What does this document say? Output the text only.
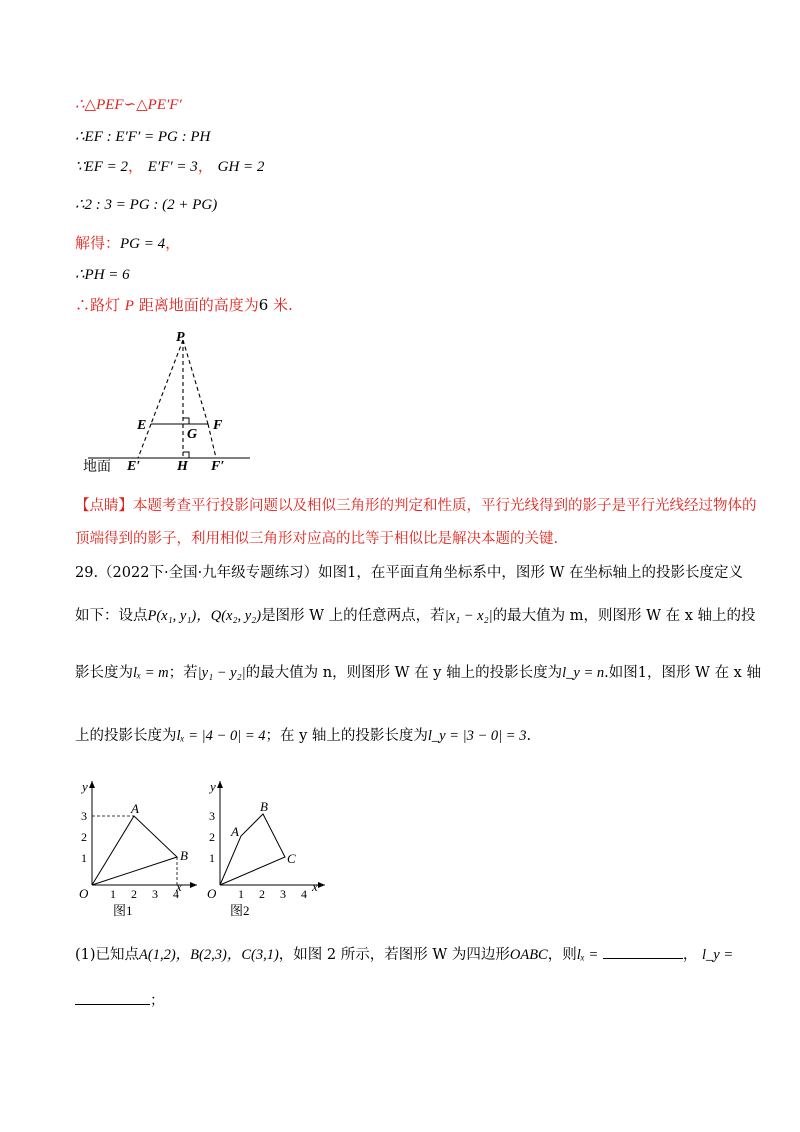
∴△PEF∽△PE′F′
∴EF : E′F′ = PG : PH
∵EF = 2， E′F′ = 3， GH = 2
∴2 : 3 = PG : (2 + PG)
解得：PG = 4，
∴PH = 6
∴路灯 P 距离地面的高度为6 米.
P
E	F
G
E′	H F′
地面
【点睛】本题考查平行投影问题以及相似三角形的判定和性质，平行光线得到的影子是平行光线经过物体的
顶端得到的影子，利用相似三角形对应高的比等于相似比是解决本题的关键.
29.（2022下·全国·九年级专题练习）如图1，在平面直角坐标系中，图形 W 在坐标轴上的投影长度定义
如下：设点P(x₁, y₁)，Q(x₂, y₂)是图形 W 上的任意两点，若|x₁ − x₂|的最大值为 m，则图形 W 在 x 轴上的投
影长度为lₓ = m；若|y₁ − y₂|的最大值为 n，则图形 W 在 y 轴上的投影长度为l_y = n.如图1，图形 W 在 x 轴
上的投影长度为lₓ = |4 − 0| = 4；在 y 轴上的投影长度为l_y = |3 − 0| = 3.
y
x
O
A
B
1 2 3 4
1
2
3
图1
y
x
O
A
B
C
1 2 3 4
1
2
3
图2
(1)已知点A(1,2)，B(2,3)，C(3,1)，如图 2 所示，若图形 W 为四边形OABC，则lₓ =	， l_y =
；
